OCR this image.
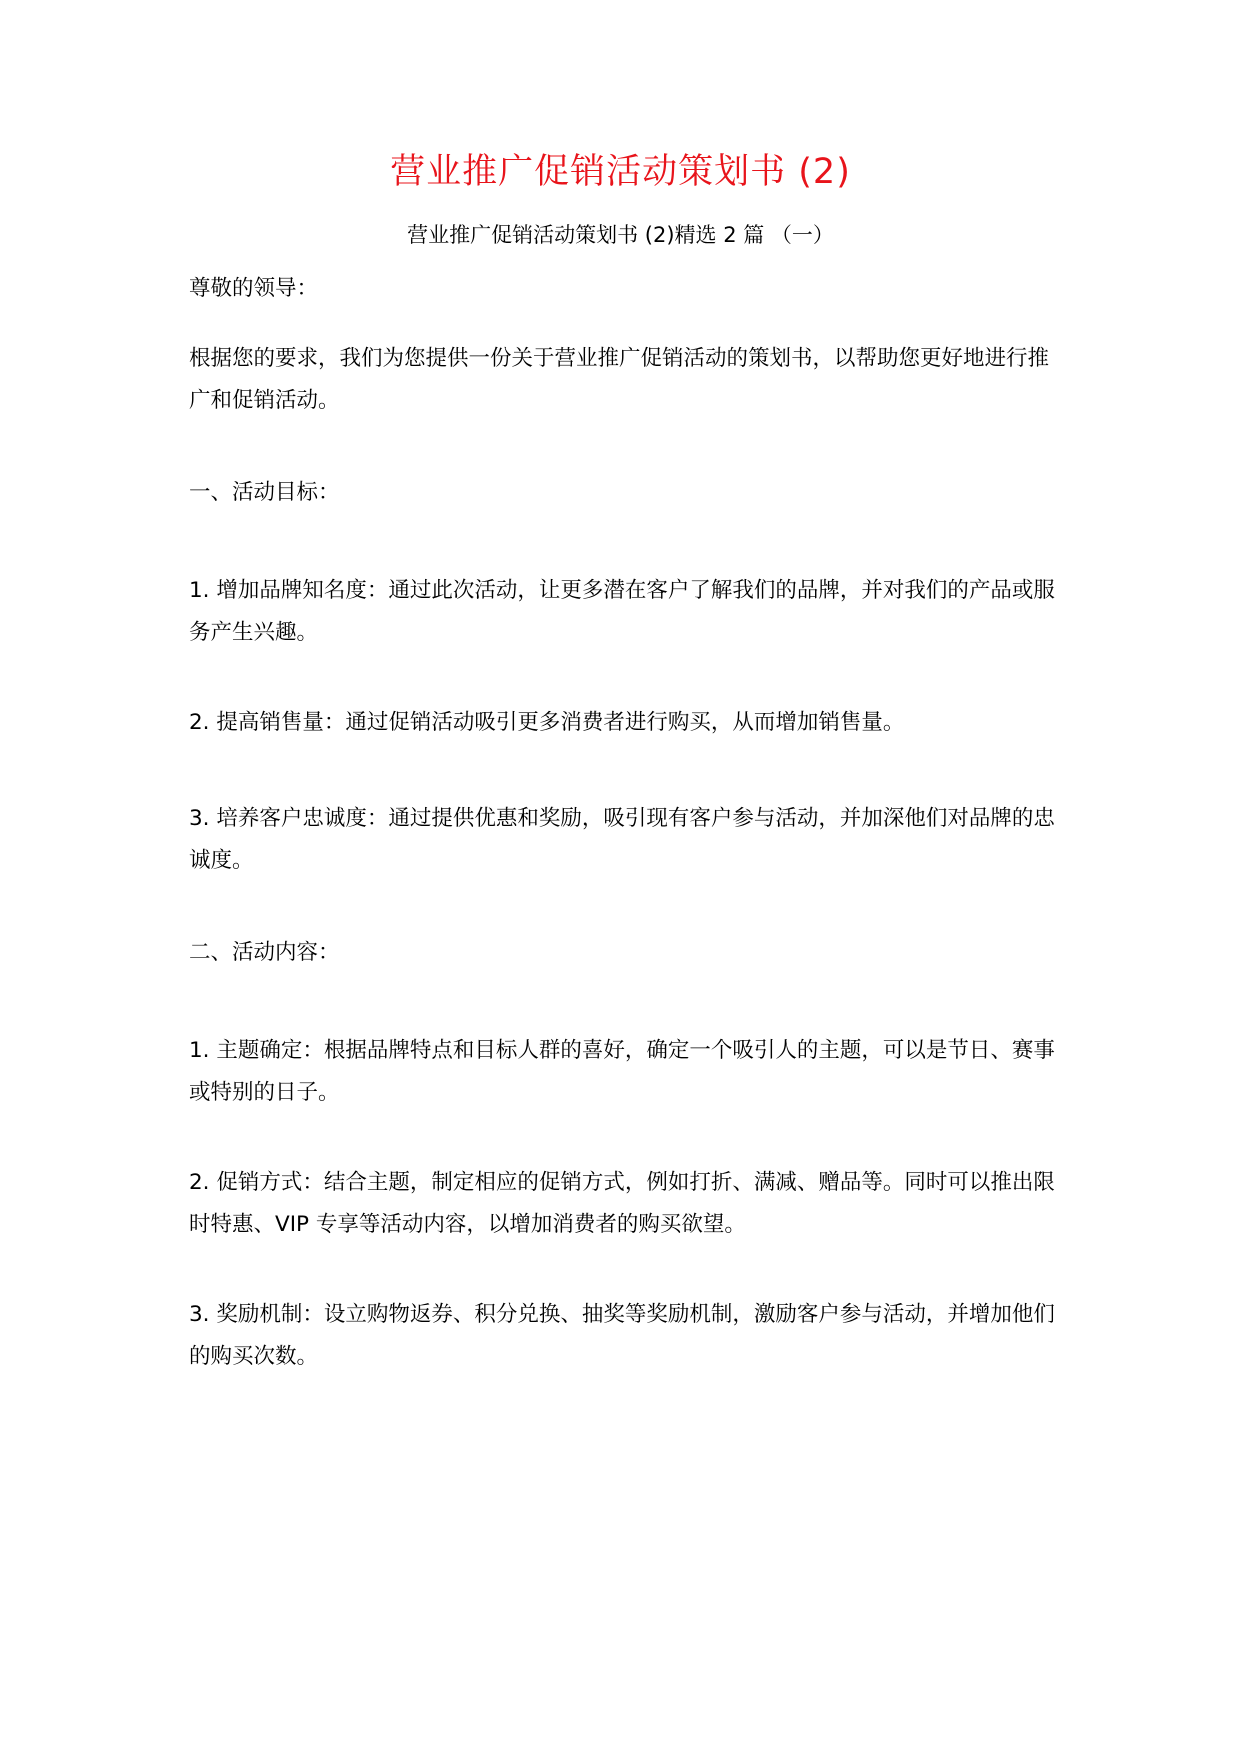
营业推广促销活动策划书 (2)
营业推广促销活动策划书 (2)精选 2 篇 （一）

尊敬的领导：

根据您的要求，我们为您提供一份关于营业推广促销活动的策划书，以帮助您更好地进行推广和促销活动。

一、活动目标：

1. 增加品牌知名度：通过此次活动，让更多潜在客户了解我们的品牌，并对我们的产品或服务产生兴趣。

2. 提高销售量：通过促销活动吸引更多消费者进行购买，从而增加销售量。

3. 培养客户忠诚度：通过提供优惠和奖励，吸引现有客户参与活动，并加深他们对品牌的忠诚度。

二、活动内容：

1. 主题确定：根据品牌特点和目标人群的喜好，确定一个吸引人的主题，可以是节日、赛事或特别的日子。

2. 促销方式：结合主题，制定相应的促销方式，例如打折、满减、赠品等。同时可以推出限时特惠、VIP 专享等活动内容，以增加消费者的购买欲望。

3. 奖励机制：设立购物返券、积分兑换、抽奖等奖励机制，激励客户参与活动，并增加他们的购买次数。
